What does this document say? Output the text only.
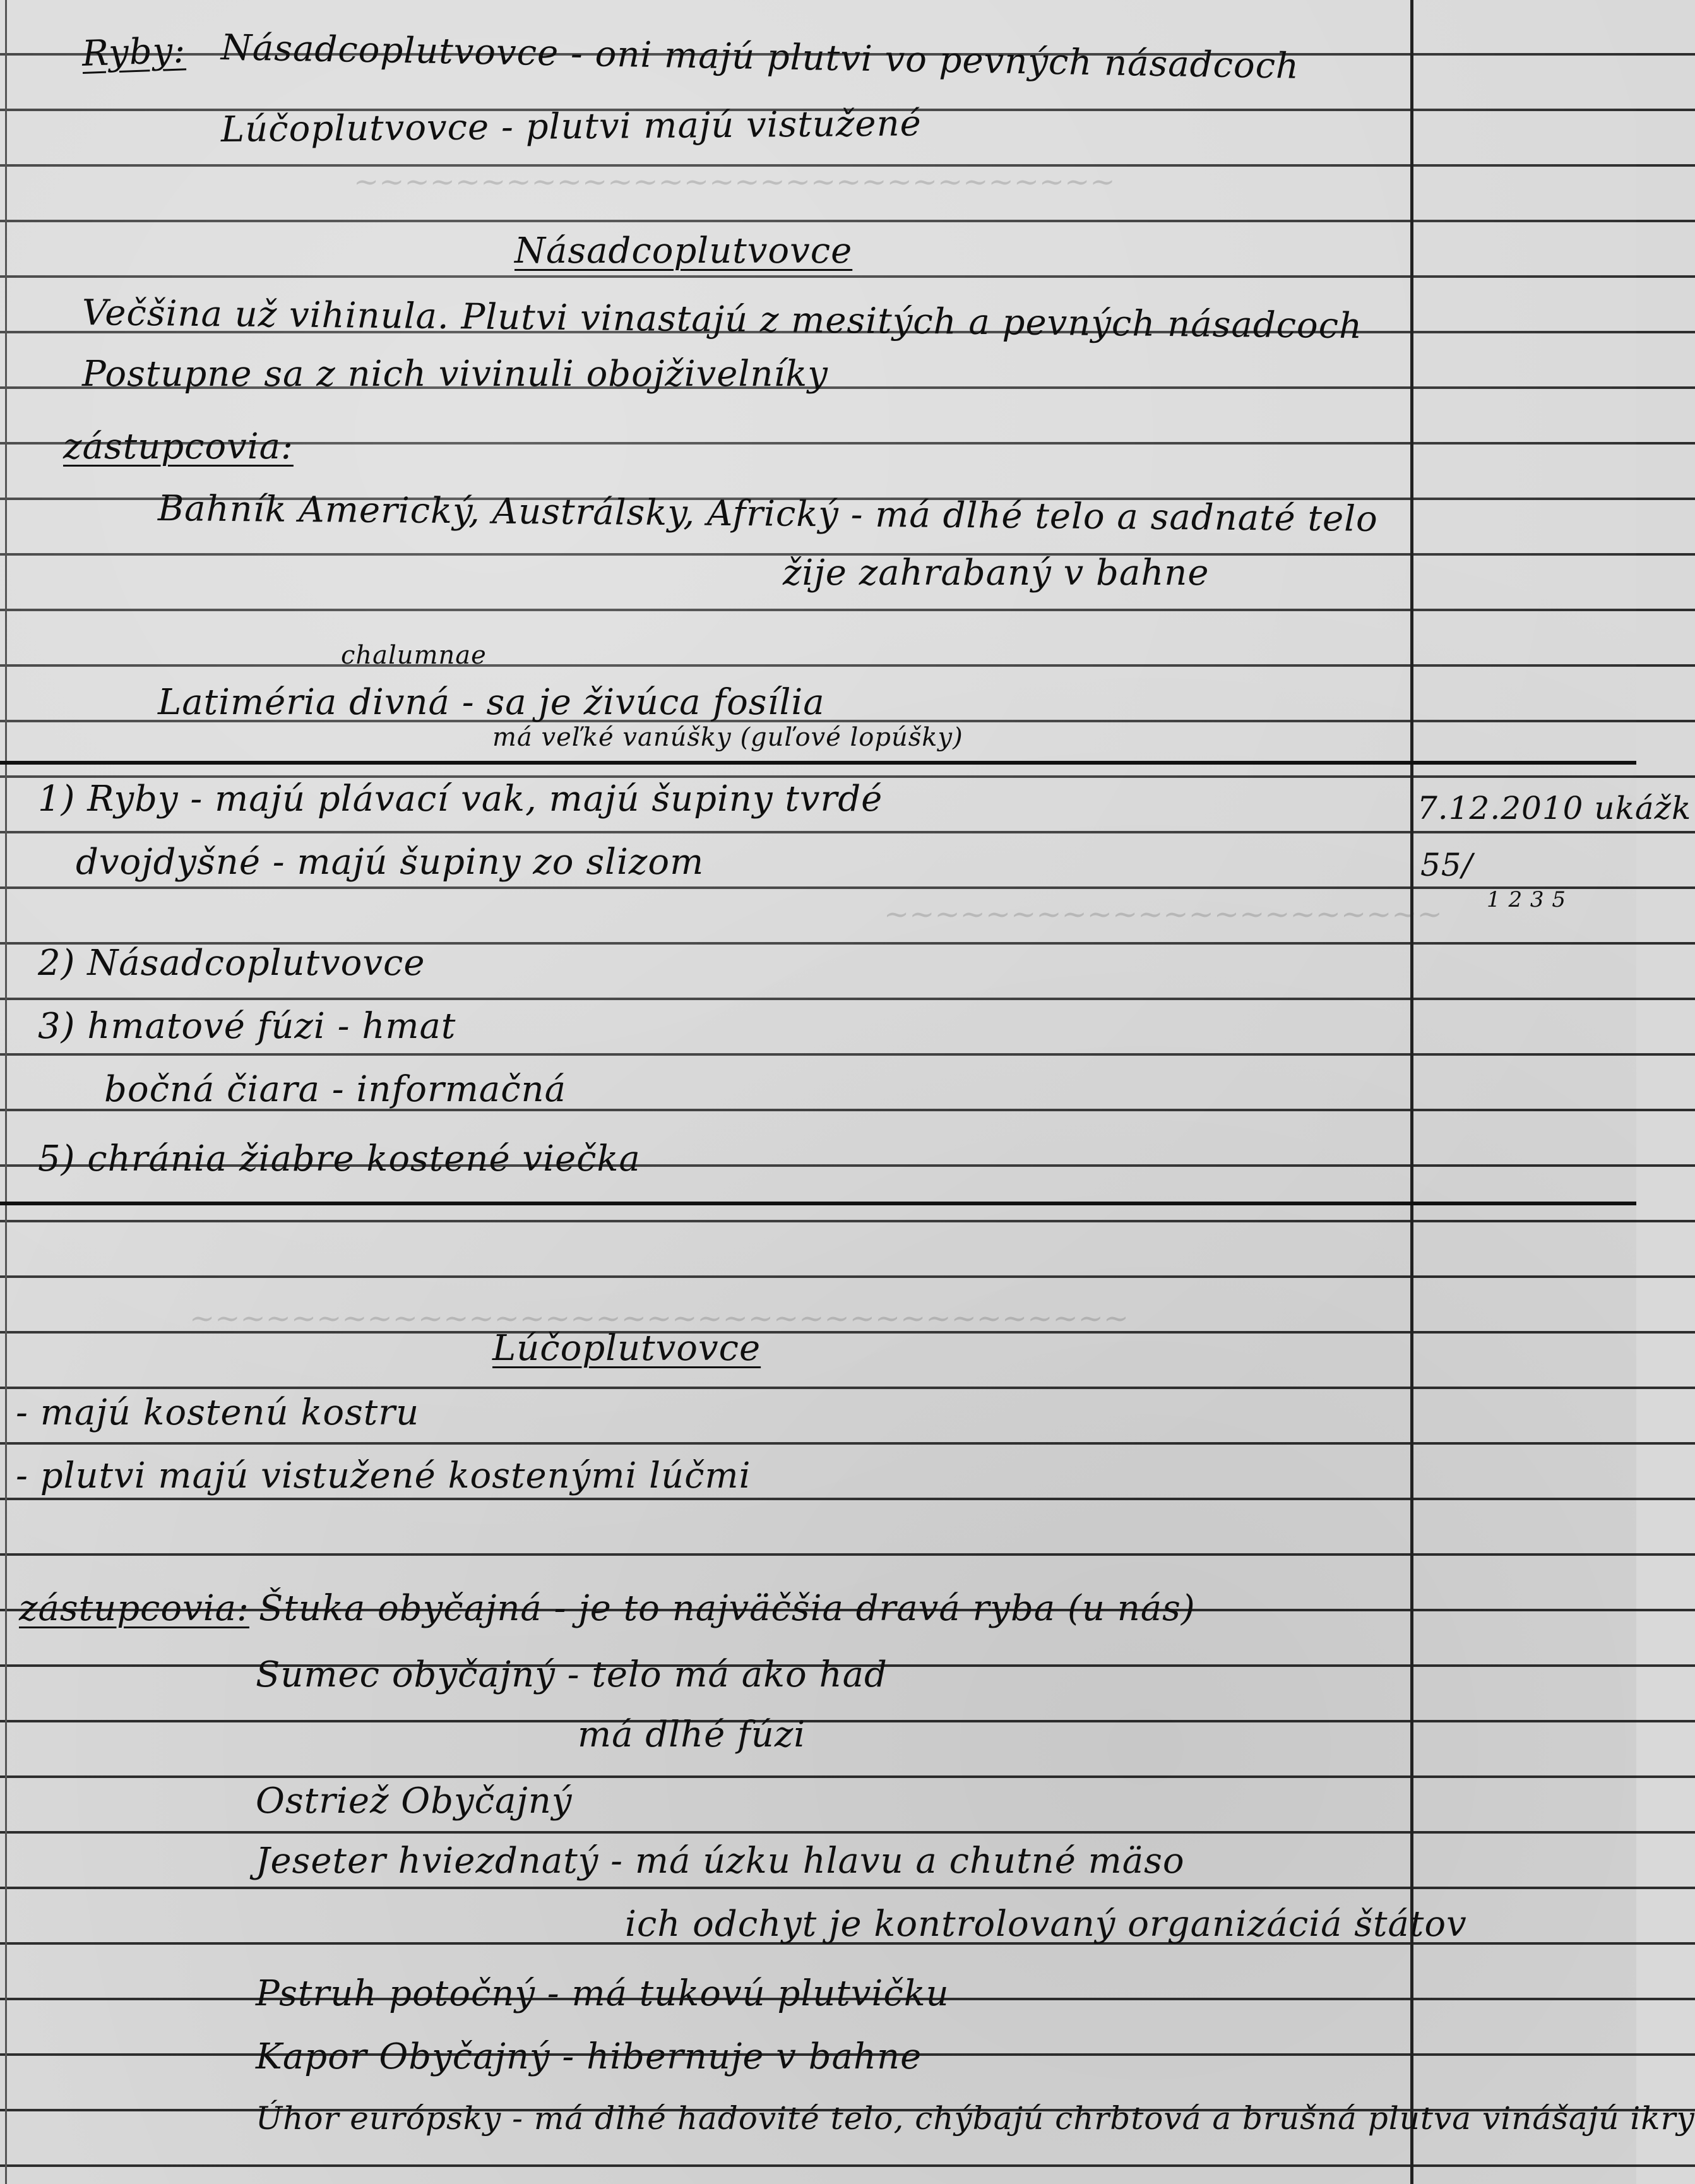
~~~~~~~~~~~~~~~~~~~~~~~~~~~~~~
~~~~~~~~~~~~~~~~~~~~~~
~~~~~~~~~~~~~~~~~~~~~~~~~~~~~~~~~~~~~
Ryby: Násadcoplutvovce - oni majú plutvi vo pevných násadcoch
Lúčoplutvovce - plutvi majú vistužené
Násadcoplutvovce
Večšina už vihinula. Plutvi vinastajú z mesitých a pevných násadcoch
Postupne sa z nich vivinuli obojživelníky
zástupcovia:
Bahník Americký, Austrálsky, Africký - má dlhé telo a sadnaté telo
žije zahrabaný v bahne
chalumnae
Latiméria divná - sa je živúca fosília
má veľké vanúšky (guľové lopúšky)
1) Ryby - majú plávací vak, majú šupiny tvrdé
dvojdyšné - majú šupiny zo slizom
2) Násadcoplutvovce
3) hmatové fúzi - hmat
bočná čiara - informačná
5) chránia žiabre kostené viečka
7.12.2010 ukážk
55/
1 2 3 5
Lúčoplutvovce
- majú kostenú kostru
- plutvi majú vistužené kostenými lúčmi
zástupcovia: Štuka obyčajná - je to najväčšia dravá ryba (u nás)
Sumec obyčajný - telo má ako had
má dlhé fúzi
Ostriež Obyčajný
Jeseter hviezdnatý - má úzku hlavu a chutné mäso
ich odchyt je kontrolovaný organizáciá štátov
Pstruh potočný - má tukovú plutvičku
Kapor Obyčajný - hibernuje v bahne
Úhor európsky - má dlhé hadovité telo, chýbajú chrbtová a brušná plutva vinášajú ikry
